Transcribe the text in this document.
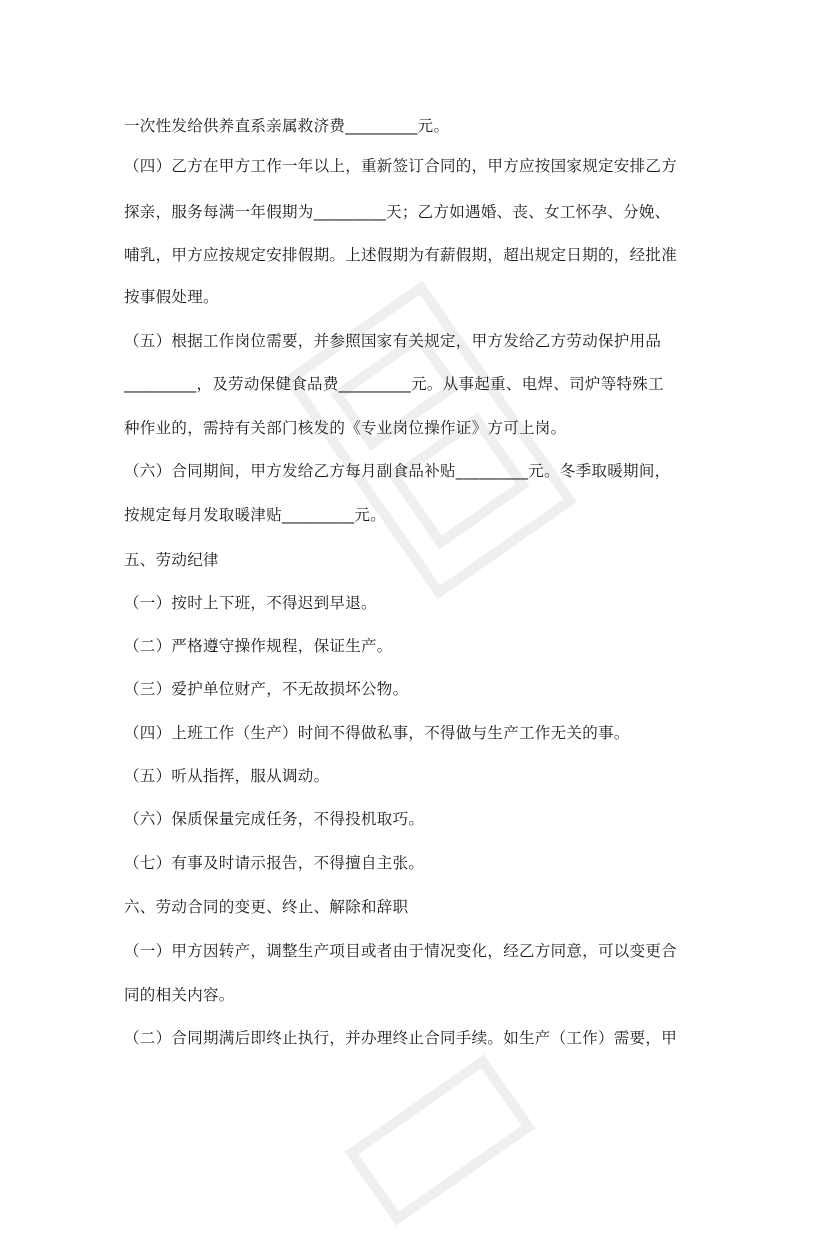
一次性发给供养直系亲属救济费_________元。
（四）乙方在甲方工作一年以上，重新签订合同的，甲方应按国家规定安排乙方
探亲，服务每满一年假期为_________天；乙方如遇婚、丧、女工怀孕、分娩、
哺乳，甲方应按规定安排假期。上述假期为有薪假期，超出规定日期的，经批准
按事假处理。
（五）根据工作岗位需要，并参照国家有关规定，甲方发给乙方劳动保护用品
_________，及劳动保健食品费_________元。从事起重、电焊、司炉等特殊工
种作业的，需持有关部门核发的《专业岗位操作证》方可上岗。
（六）合同期间，甲方发给乙方每月副食品补贴_________元。冬季取暖期间，
按规定每月发取暖津贴_________元。
五、劳动纪律
（一）按时上下班，不得迟到早退。
（二）严格遵守操作规程，保证生产。
（三）爱护单位财产，不无故损坏公物。
（四）上班工作（生产）时间不得做私事，不得做与生产工作无关的事。
（五）听从指挥，服从调动。
（六）保质保量完成任务，不得投机取巧。
（七）有事及时请示报告，不得擅自主张。
六、劳动合同的变更、终止、解除和辞职
（一）甲方因转产，调整生产项目或者由于情况变化，经乙方同意，可以变更合
同的相关内容。
（二）合同期满后即终止执行，并办理终止合同手续。如生产（工作）需要，甲
